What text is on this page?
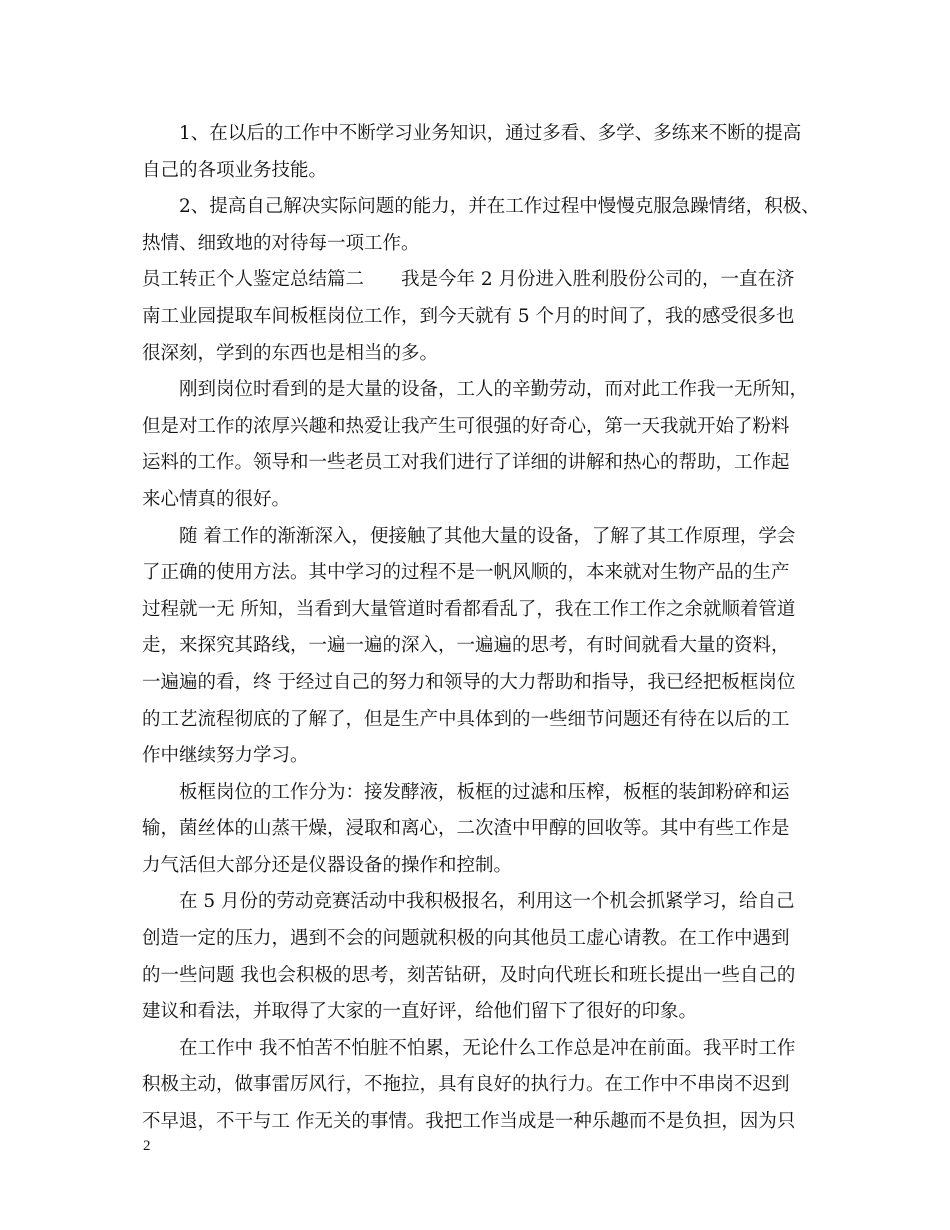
1、在以后的工作中不断学习业务知识，通过多看、多学、多练来不断的提高
自己的各项业务技能。
2、提高自己解决实际问题的能力，并在工作过程中慢慢克服急躁情绪，积极、
热情、细致地的对待每一项工作。
员工转正个人鉴定总结篇二　　我是今年 2 月份进入胜利股份公司的，一直在济
南工业园提取车间板框岗位工作，到今天就有 5 个月的时间了，我的感受很多也
很深刻，学到的东西也是相当的多。
刚到岗位时看到的是大量的设备，工人的辛勤劳动，而对此工作我一无所知，
但是对工作的浓厚兴趣和热爱让我产生可很强的好奇心，第一天我就开始了粉料
运料的工作。领导和一些老员工对我们进行了详细的讲解和热心的帮助，工作起
来心情真的很好。
随 着工作的渐渐深入，便接触了其他大量的设备，了解了其工作原理，学会
了正确的使用方法。其中学习的过程不是一帆风顺的，本来就对生物产品的生产
过程就一无 所知，当看到大量管道时看都看乱了，我在工作工作之余就顺着管道
走，来探究其路线，一遍一遍的深入，一遍遍的思考，有时间就看大量的资料，
一遍遍的看，终 于经过自己的努力和领导的大力帮助和指导，我已经把板框岗位
的工艺流程彻底的了解了，但是生产中具体到的一些细节问题还有待在以后的工
作中继续努力学习。
板框岗位的工作分为：接发酵液，板框的过滤和压榨，板框的装卸粉碎和运
输，菌丝体的山蒸干燥，浸取和离心，二次渣中甲醇的回收等。其中有些工作是
力气活但大部分还是仪器设备的操作和控制。
在 5 月份的劳动竞赛活动中我积极报名，利用这一个机会抓紧学习，给自己
创造一定的压力，遇到不会的问题就积极的向其他员工虚心请教。在工作中遇到
的一些问题 我也会积极的思考，刻苦钻研，及时向代班长和班长提出一些自己的
建议和看法，并取得了大家的一直好评，给他们留下了很好的印象。
在工作中 我不怕苦不怕脏不怕累，无论什么工作总是冲在前面。我平时工作
积极主动，做事雷厉风行，不拖拉，具有良好的执行力。在工作中不串岗不迟到
不早退，不干与工 作无关的事情。我把工作当成是一种乐趣而不是负担，因为只
2
